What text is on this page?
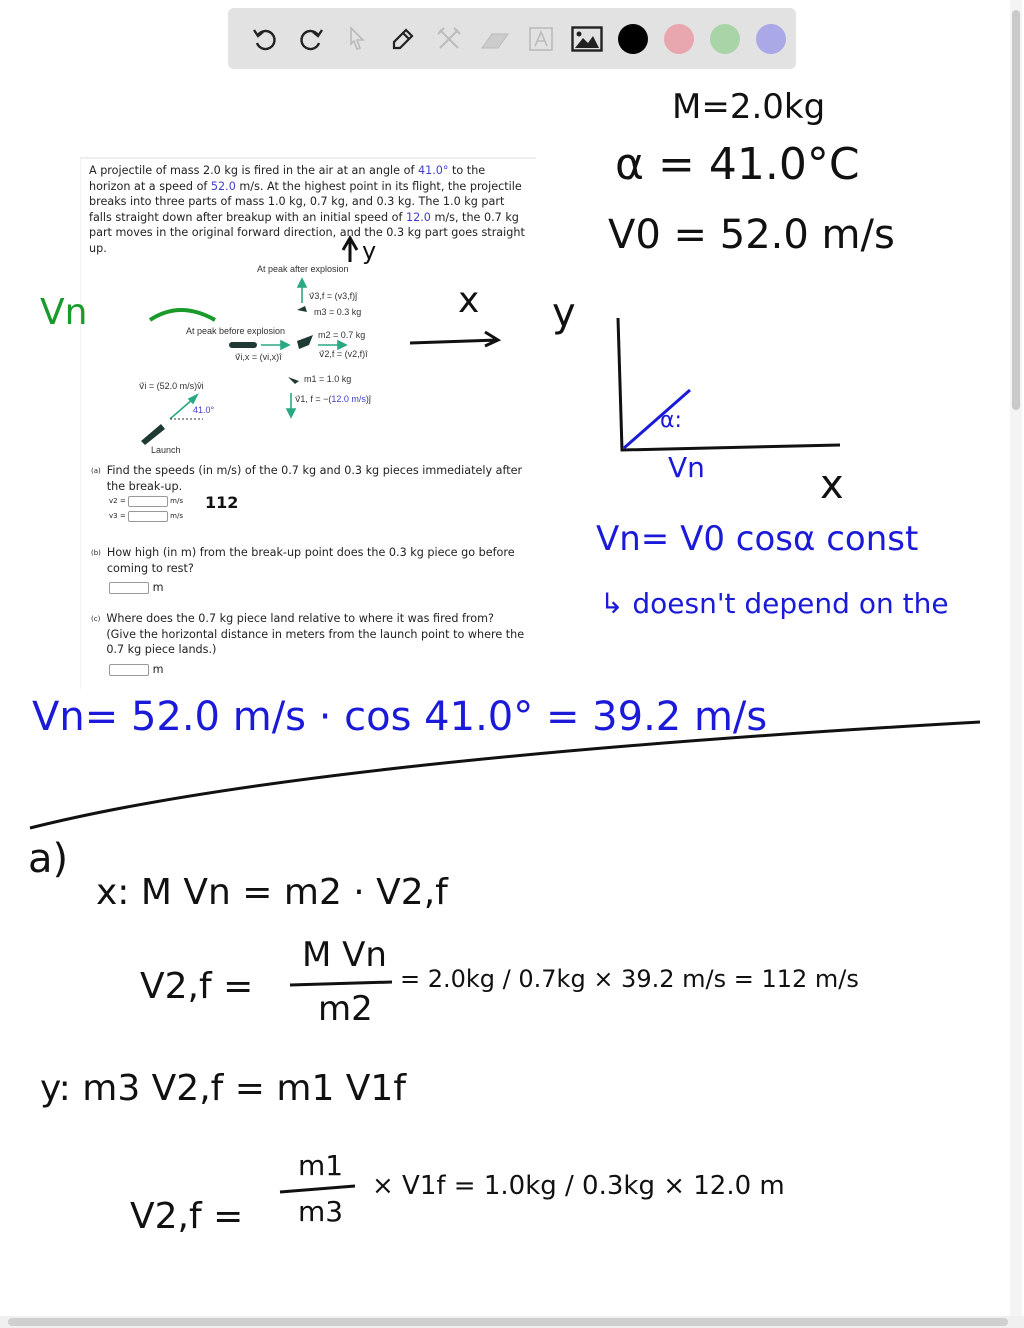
A projectile of mass 2.0 kg is fired in the air at an angle of 41.0° to the horizon at a speed of 52.0 m/s. At the highest point in its flight, the projectile breaks into three parts of mass 1.0 kg, 0.7 kg, and 0.3 kg. The 1.0 kg part falls straight down after breakup with an initial speed of 12.0 m/s, the 0.7 kg part moves in the original forward direction, and the 0.3 kg part goes straight up.

At peak after explosion
v⃗3,f = (v3,f)ĵ
m3 = 0.3 kg
At peak before explosion	m2 = 0.7 kg
v⃗2,f = (v2,f)î
v⃗i,x = (vi,x)î
m1 = 1.0 kg
v⃗1, f = −(12.0 m/s)ĵ
v⃗i = (52.0 m/s)v̂i
41.0°
Launch
(a) Find the speeds (in m/s) of the 0.7 kg and 0.3 kg pieces immediately after the break-up.
v2 =	m/s
v3 =	m/s
(b) How high (in m) from the break-up point does the 0.3 kg piece go before coming to rest?
m
(c) Where does the 0.7 kg piece land relative to where it was fired from? (Give the horizontal distance in meters from the launch point to where the 0.7 kg piece lands.)
m
M=2.0kg
α = 41.0°C
V0 = 52.0 m/s
y
x
Vn	y
x
Vn
α:
Vn= V0 cosα const
↳ doesn't depend on the
Vn= 52.0 m/s · cos 41.0° = 39.2 m/s
112
a)
x: M Vn = m2 · V2,f
V2,f =
M Vn
m2
= 2.0kg / 0.7kg × 39.2 m/s = 112 m/s
y: m3 V2,f = m1 V1f
V2,f =
m1
m3
× V1f = 1.0kg / 0.3kg × 12.0 m
